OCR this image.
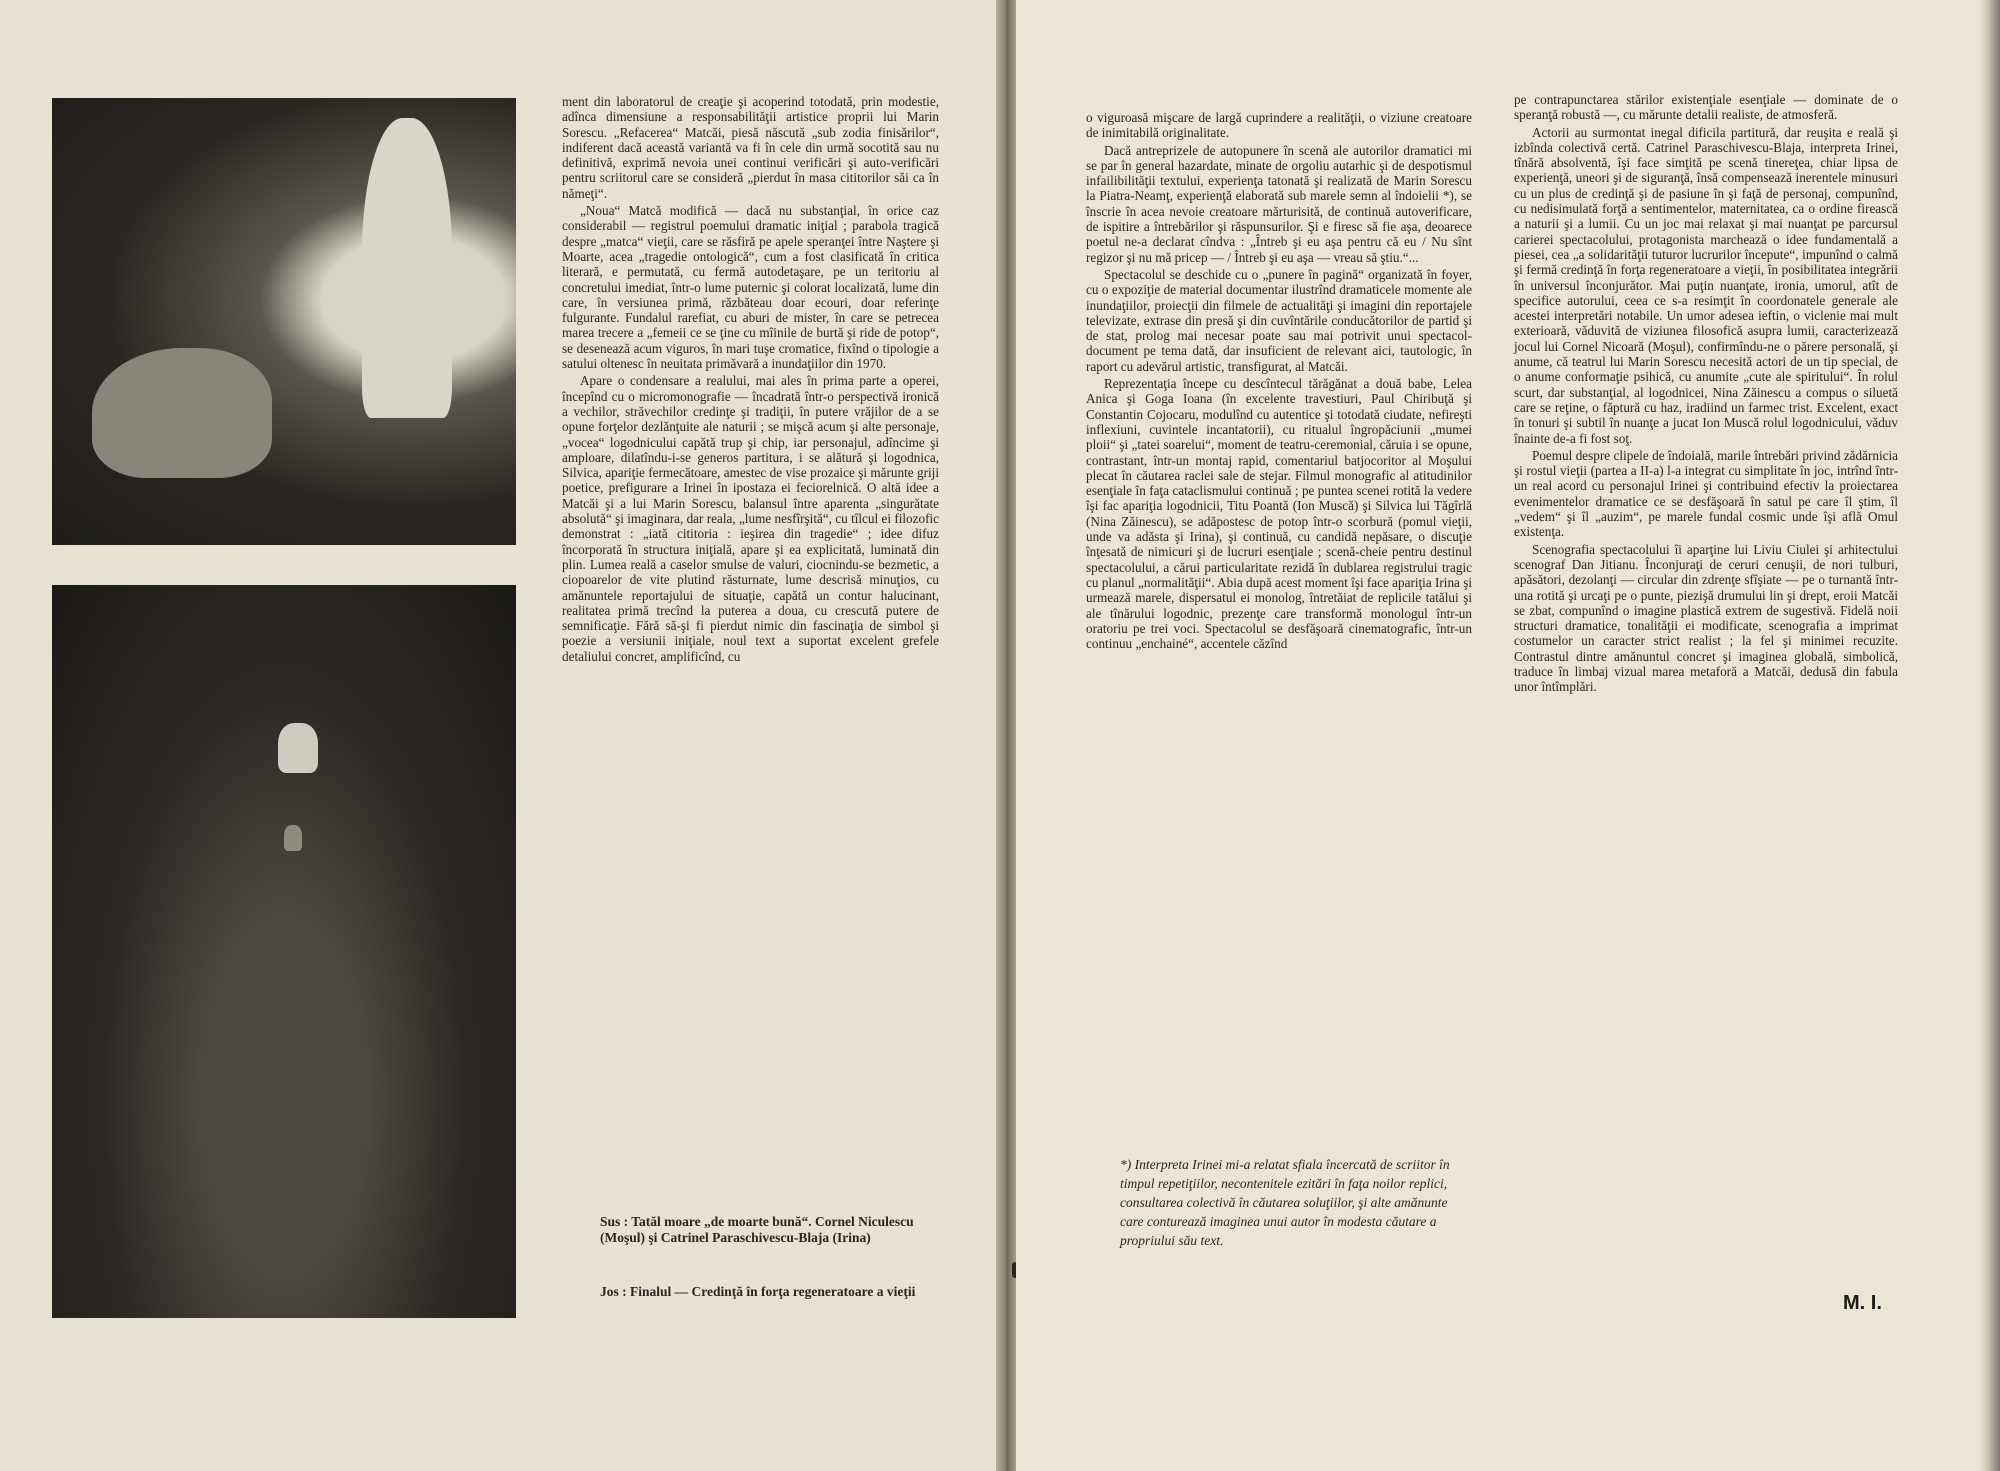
ment din laboratorul de creaţie şi acoperind totodată, prin modestie, adînca dimensiune a responsabilităţii artistice proprii lui Marin Sorescu. „Refacerea“ Matcăi, piesă născută „sub zodia finisărilor“, indiferent dacă această variantă va fi în cele din urmă socotită sau nu definitivă, exprimă nevoia unei continui verificări şi auto-verificări pentru scriitorul care se consideră „pierdut în masa cititorilor săi ca în nămeţi“.

„Noua“ Matcă modifică — dacă nu substanţial, în orice caz considerabil — registrul poemului dramatic iniţial ; parabola tragică despre „matca“ vieţii, care se răsfiră pe apele speranţei între Naştere şi Moarte, acea „tragedie ontologică“, cum a fost clasificată în critica literară, e permutată, cu fermă autodetaşare, pe un teritoriu al concretului imediat, într-o lume puternic şi colorat localizată, lume din care, în versiunea primă, răzbăteau doar ecouri, doar referinţe fulgurante. Fundalul rarefiat, cu aburi de mister, în care se petrecea marea trecere a „femeii ce se ţine cu mîinile de burtă şi ride de potop“, se desenează acum viguros, în mari tuşe cromatice, fixînd o tipologie a satului oltenesc în neuitata primăvară a inundaţiilor din 1970.

Apare o condensare a realului, mai ales în prima parte a operei, începînd cu o micromonografie — încadrată într-o perspectivă ironică a vechilor, străvechilor credinţe şi tradiţii, în putere vrăjilor de a se opune forţelor dezlănţuite ale naturii ; se mişcă acum şi alte personaje, „vocea“ logodnicului capătă trup şi chip, iar personajul, adîncime şi amploare, dilatîndu-i-se generos partitura, i se alătură şi logodnica, Silvica, apariţie fermecătoare, amestec de vise prozaice şi mărunte griji poetice, prefigurare a Irinei în ipostaza ei feciorelnică. O altă idee a Matcăi şi a lui Marin Sorescu, balansul între aparenta „singurătate absolută“ şi imaginara, dar reala, „lume nesfîrşită“, cu tîlcul ei filozofic demonstrat : „iată cititoria : ieşirea din tragedie“ ; idee difuz încorporată în structura iniţială, apare şi ea explicitată, luminată din plin. Lumea reală a caselor smulse de valuri, ciocnindu-se bezmetic, a ciopoarelor de vite plutind răsturnate, lume descrisă minuţios, cu amănuntele reportajului de situaţie, capătă un contur halucinant, realitatea primă trecînd la puterea a doua, cu crescută putere de semnificaţie. Fără să-şi fi pierdut nimic din fascinaţia de simbol şi poezie a versiunii iniţiale, noul text a suportat excelent grefele detaliului concret, amplificînd, cu

Sus : Tatăl moare „de moarte bună“. Cornel Niculescu (Moşul) şi Catrinel Paraschivescu-Blaja (Irina)
Jos : Finalul — Credinţă în forţa regeneratoare a vieţii

o viguroasă mişcare de largă cuprindere a realităţii, o viziune creatoare de inimitabilă originalitate.

Dacă antreprizele de autopunere în scenă ale autorilor dramatici mi se par în general hazardate, minate de orgoliu autarhic şi de despotismul infailibilităţii textului, experienţa tatonată şi realizată de Marin Sorescu la Piatra-Neamţ, experienţă elaborată sub marele semn al îndoielii *), se înscrie în acea nevoie creatoare mărturisită, de continuă autoverificare, de ispitire a întrebărilor şi răspunsurilor. Şi e firesc să fie aşa, deoarece poetul ne-a declarat cîndva : „Întreb şi eu aşa pentru că eu / Nu sînt regizor şi nu mă pricep — / Întreb şi eu aşa — vreau să ştiu.“...

Spectacolul se deschide cu o „punere în pagină“ organizată în foyer, cu o expoziţie de material documentar ilustrînd dramaticele momente ale inundaţiilor, proiecţii din filmele de actualităţi şi imagini din reportajele televizate, extrase din presă şi din cuvîntările conducătorilor de partid şi de stat, prolog mai necesar poate sau mai potrivit unui spectacol-document pe tema dată, dar insuficient de relevant aici, tautologic, în raport cu adevărul artistic, transfigurat, al Matcăi.

Reprezentaţia începe cu descîntecul tărăgănat a două babe, Lelea Anica şi Goga Ioana (în excelente travestiuri, Paul Chiribuţă şi Constantin Cojocaru, modulînd cu autentice şi totodată ciudate, nefireşti inflexiuni, cuvintele incantatorii), cu ritualul îngropăciunii „mumei ploii“ şi „tatei soarelui“, moment de teatru-ceremonial, căruia i se opune, contrastant, într-un montaj rapid, comentariul batjocoritor al Moşului plecat în căutarea raclei sale de stejar. Filmul monografic al atitudinilor esenţiale în faţa cataclismului continuă ; pe puntea scenei rotită la vedere îşi fac apariţia logodnicii, Titu Poantă (Ion Muscă) şi Silvica lui Tăgîrlă (Nina Zăinescu), se adăpostesc de potop într-o scorbură (pomul vieţii, unde va adăsta şi Irina), şi continuă, cu candidă nepăsare, o discuţie înţesată de nimicuri şi de lucruri esenţiale ; scenă-cheie pentru destinul spectacolului, a cărui particularitate rezidă în dublarea registrului tragic cu planul „normalităţii“. Abia după acest moment îşi face apariţia Irina şi urmează marele, dispersatul ei monolog, întretăiat de replicile tatălui şi ale tînărului logodnic, prezenţe care transformă monologul într-un oratoriu pe trei voci. Spectacolul se desfăşoară cinematografic, într-un continuu „enchainé“, accentele căzînd

*) Interpreta Irinei mi-a relatat sfiala încercată de scriitor în timpul repetiţiilor, necontenitele ezitări în faţa noilor replici, consultarea colectivă în căutarea soluţiilor, şi alte amănunte care conturează imaginea unui autor în modesta căutare a propriului său text.

pe contrapunctarea stărilor existenţiale esenţiale — dominate de o speranţă robustă —, cu mărunte detalii realiste, de atmosferă.

Actorii au surmontat inegal dificila partitură, dar reuşita e reală şi izbînda colectivă certă. Catrinel Paraschivescu-Blaja, interpreta Irinei, tînără absolventă, îşi face simţită pe scenă tinereţea, chiar lipsa de experienţă, uneori şi de siguranţă, însă compensează inerentele minusuri cu un plus de credinţă şi de pasiune în şi faţă de personaj, compunînd, cu nedisimulată forţă a sentimentelor, maternitatea, ca o ordine firească a naturii şi a lumii. Cu un joc mai relaxat şi mai nuanţat pe parcursul carierei spectacolului, protagonista marchează o idee fundamentală a piesei, cea „a solidarităţii tuturor lucrurilor începute“, impunînd o calmă şi fermă credinţă în forţa regeneratoare a vieţii, în posibilitatea integrării în universul înconjurător. Mai puţin nuanţate, ironia, umorul, atît de specifice autorului, ceea ce s-a resimţit în coordonatele generale ale acestei interpretări notabile. Un umor adesea ieftin, o viclenie mai mult exterioară, văduvită de viziunea filosofică asupra lumii, caracterizează jocul lui Cornel Nicoară (Moşul), confirmîndu-ne o părere personală, şi anume, că teatrul lui Marin Sorescu necesită actori de un tip special, de o anume conformaţie psihică, cu anumite „cute ale spiritului“. În rolul scurt, dar substanţial, al logodnicei, Nina Zăinescu a compus o siluetă care se reţine, o făptură cu haz, iradiind un farmec trist. Excelent, exact în tonuri şi subtil în nuanţe a jucat Ion Muscă rolul logodnicului, văduv înainte de-a fi fost soţ.

Poemul despre clipele de îndoială, marile întrebări privind zădărnicia şi rostul vieţii (partea a II-a) l-a integrat cu simplitate în joc, intrînd într-un real acord cu personajul Irinei şi contribuind efectiv la proiectarea evenimentelor dramatice ce se desfăşoară în satul pe care îl ştim, îl „vedem“ şi îl „auzim“, pe marele fundal cosmic unde îşi află Omul existenţa.

Scenografia spectacolului îi aparţine lui Liviu Ciulei şi arhitectului scenograf Dan Jitianu. Înconjuraţi de ceruri cenuşii, de nori tulburi, apăsători, dezolanţi — circular din zdrenţe sfîşiate — pe o turnantă într-una rotită şi urcaţi pe o punte, piezişă drumului lin şi drept, eroii Matcăi se zbat, compunînd o imagine plastică extrem de sugestivă. Fidelă noii structuri dramatice, tonalităţii ei modificate, scenografia a imprimat costumelor un caracter strict realist ; la fel şi minimei recuzite. Contrastul dintre amănuntul concret şi imaginea globală, simbolică, traduce în limbaj vizual marea metaforă a Matcăi, dedusă din fabula unor întîmplări.

M. I.
